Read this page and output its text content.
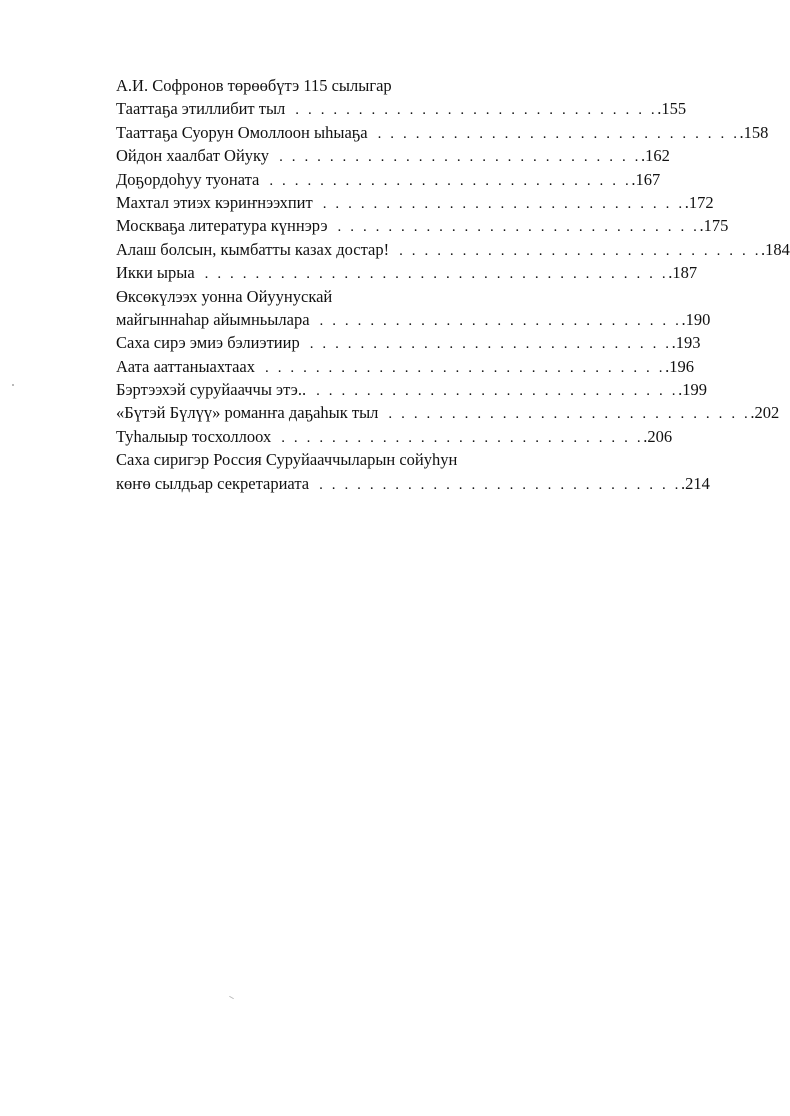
А.И. Софронов төрөөбүтэ 115 сылыгар
Тааттаҕа этиллибит тыл . . . . . . . . . . . . . . . . . . . . . . . . . . . . . .155
Тааттаҕа Суорун Омоллоон ыһыаҕа . . . . . . . . . . . . . . . . . . . . . . . . . . . . . .158
Ойдон хаалбат Ойуку . . . . . . . . . . . . . . . . . . . . . . . . . . . . . .162
Доҕордоһуу туоната . . . . . . . . . . . . . . . . . . . . . . . . . . . . . .167
Махтал этиэх кэриҥнээхпит . . . . . . . . . . . . . . . . . . . . . . . . . . . . . .172
Москваҕа литература күннэрэ . . . . . . . . . . . . . . . . . . . . . . . . . . . . . .175
Алаш болсын, кымбатты казах достар! . . . . . . . . . . . . . . . . . . . . . . . . . . . . . .184
Икки ырыа . . . . . . . . . . . . . . . . . . . . . . . . . . . . . . . . . . . . . .187
Өксөкүлээх уонна Ойуунускай
майгыннаһар айымньылара . . . . . . . . . . . . . . . . . . . . . . . . . . . . . .190
Саха сирэ эмиэ бэлиэтиир . . . . . . . . . . . . . . . . . . . . . . . . . . . . . .193
Аата ааттаныахтаах . . . . . . . . . . . . . . . . . . . . . . . . . . . . . . . . .196
Бэртээхэй суруйааччы этэ.. . . . . . . . . . . . . . . . . . . . . . . . . . . . . . .199
«Бүтэй Бүлүү» романҥа даҕаһык тыл . . . . . . . . . . . . . . . . . . . . . . . . . . . . . .202
Туһалыыр тосхоллоох . . . . . . . . . . . . . . . . . . . . . . . . . . . . . .206
Саха сиригэр Россия Суруйааччыларын сойуһун
көҥө сылдьар секретариата . . . . . . . . . . . . . . . . . . . . . . . . . . . . . .214
